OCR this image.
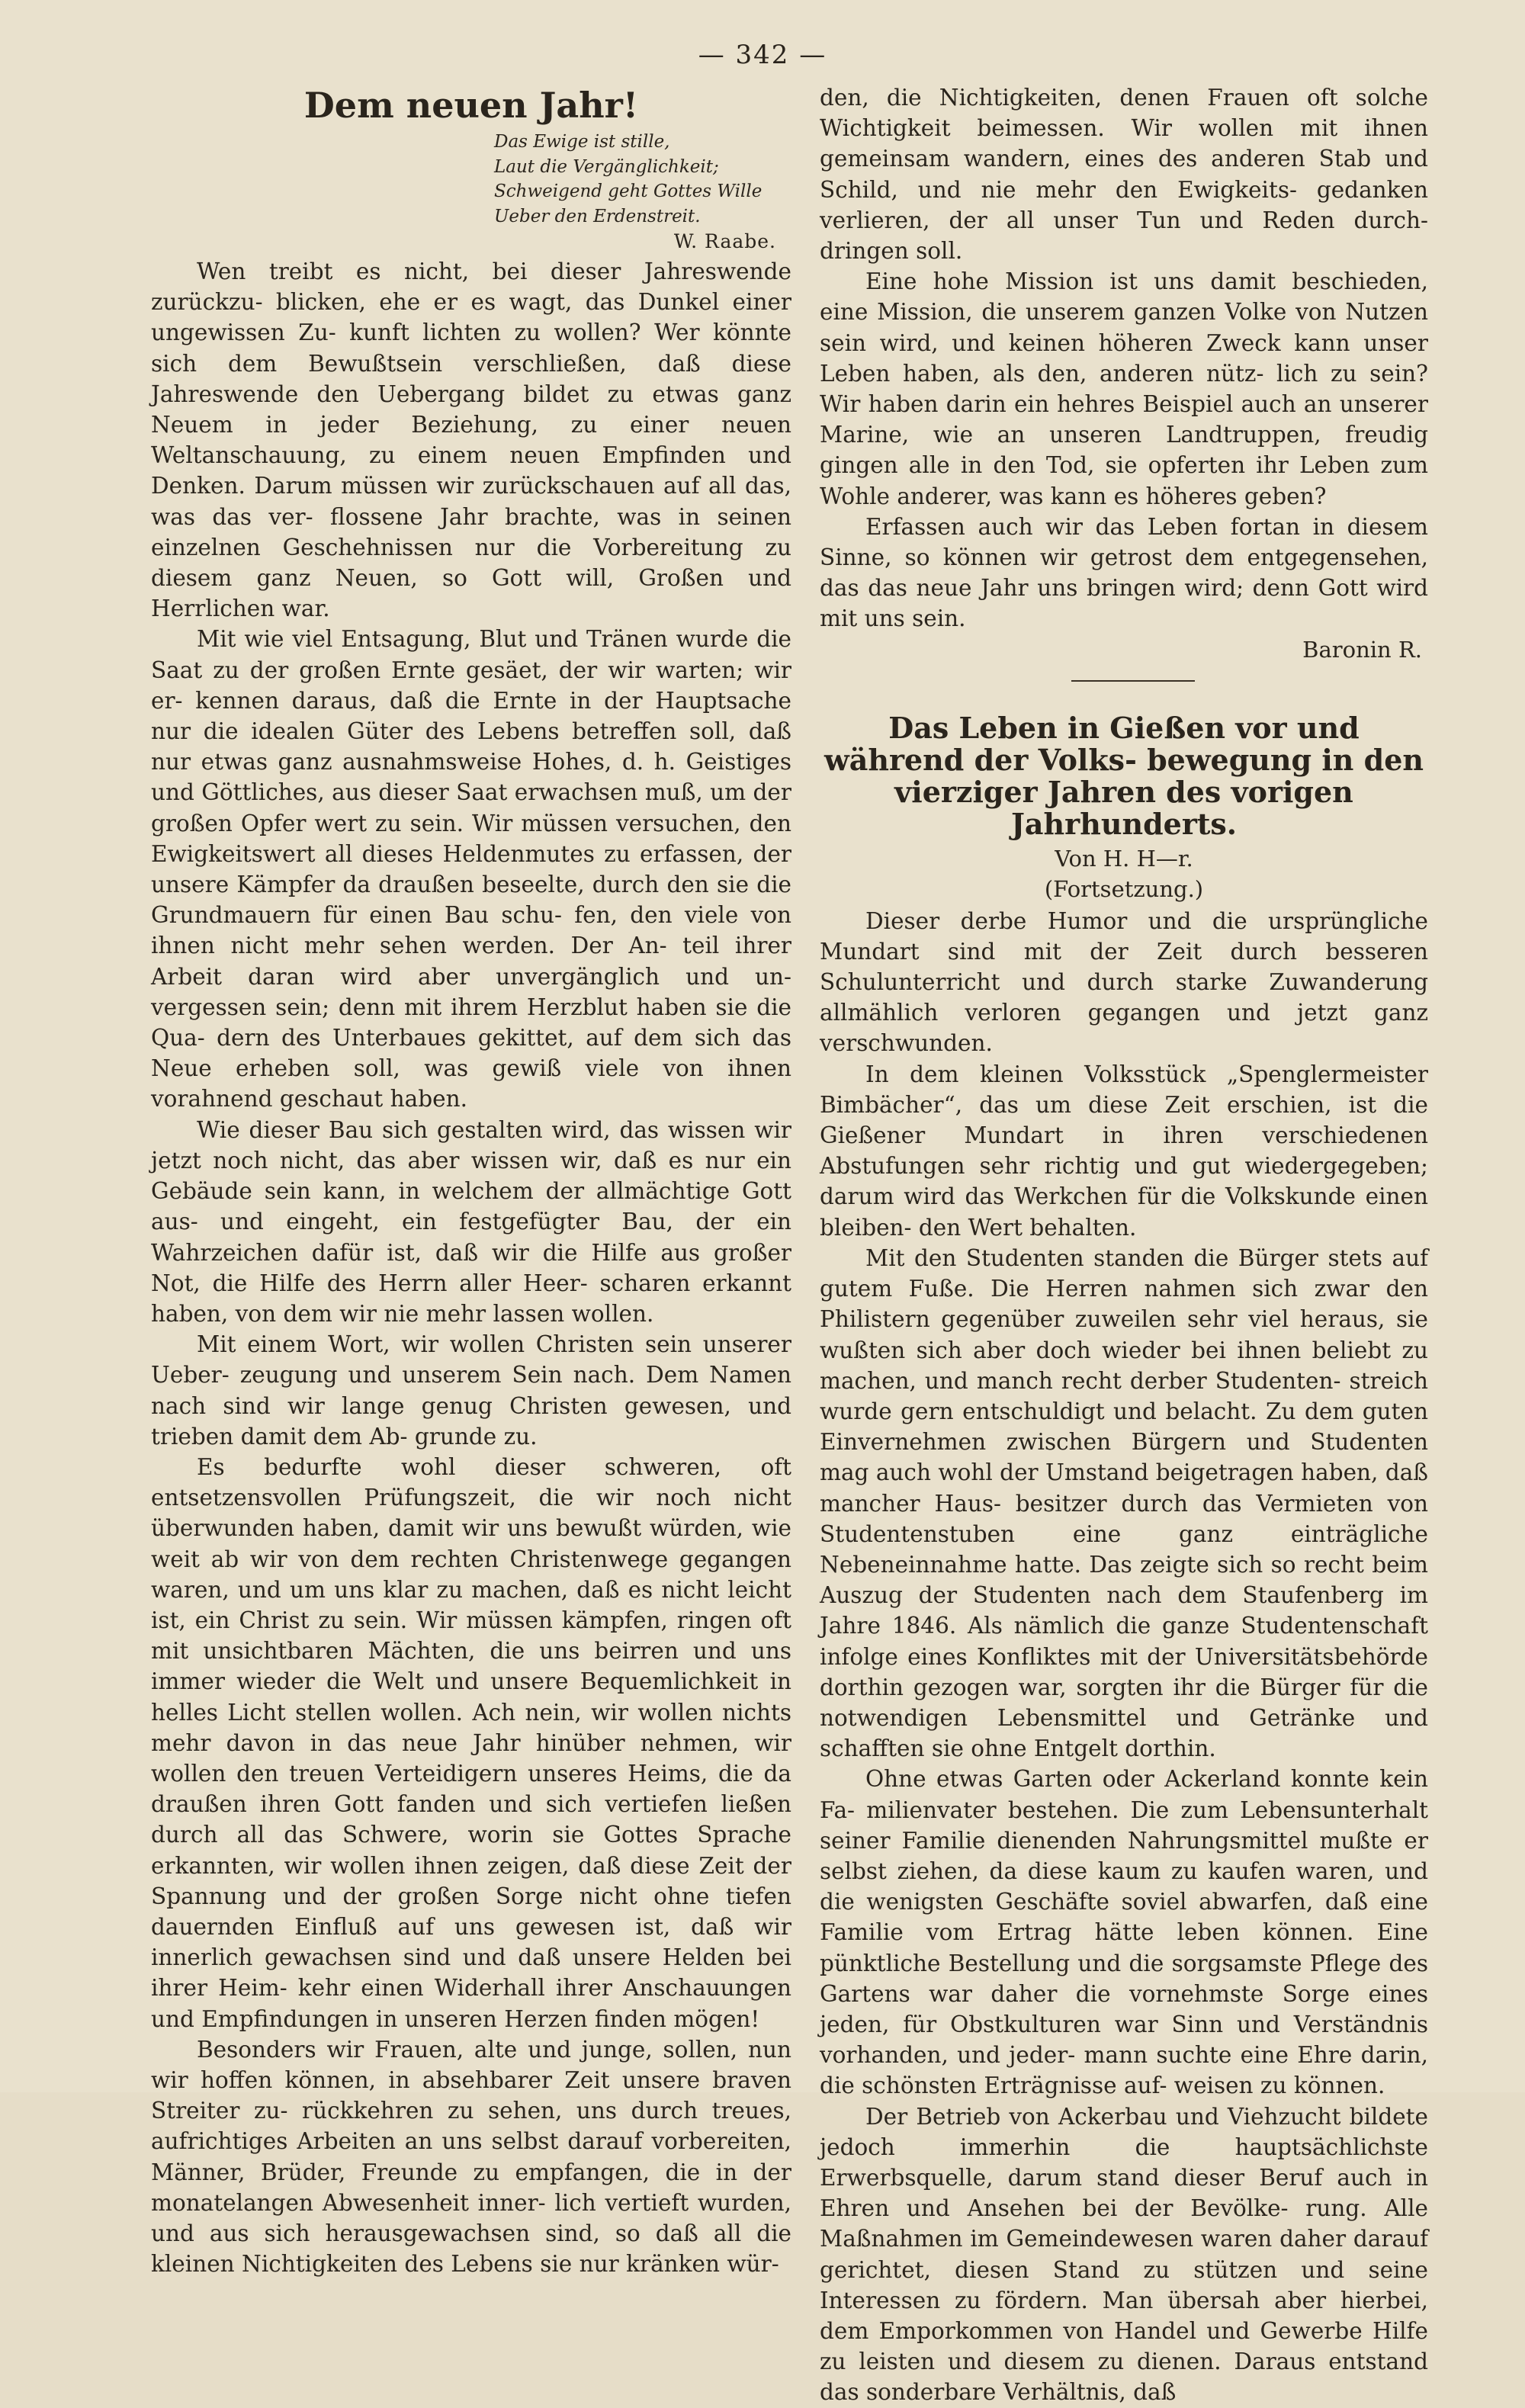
— 342 —
Dem neuen Jahr!
Das Ewige ist stille,
Laut die Vergänglichkeit;
Schweigend geht Gottes Wille
Ueber den Erdenstreit.
W. Raabe.

Wen treibt es nicht, bei dieser Jahreswende zurückzu- blicken, ehe er es wagt, das Dunkel einer ungewissen Zu- kunft lichten zu wollen? Wer könnte sich dem Bewußtsein verschließen, daß diese Jahreswende den Uebergang bildet zu etwas ganz Neuem in jeder Beziehung, zu einer neuen Weltanschauung, zu einem neuen Empfinden und Denken. Darum müssen wir zurückschauen auf all das, was das ver- flossene Jahr brachte, was in seinen einzelnen Geschehnissen nur die Vorbereitung zu diesem ganz Neuen, so Gott will, Großen und Herrlichen war.

Mit wie viel Entsagung, Blut und Tränen wurde die Saat zu der großen Ernte gesäet, der wir warten; wir er- kennen daraus, daß die Ernte in der Hauptsache nur die idealen Güter des Lebens betreffen soll, daß nur etwas ganz ausnahmsweise Hohes, d. h. Geistiges und Göttliches, aus dieser Saat erwachsen muß, um der großen Opfer wert zu sein. Wir müssen versuchen, den Ewigkeitswert all dieses Heldenmutes zu erfassen, der unsere Kämpfer da draußen beseelte, durch den sie die Grundmauern für einen Bau schu- fen, den viele von ihnen nicht mehr sehen werden. Der An- teil ihrer Arbeit daran wird aber unvergänglich und un- vergessen sein; denn mit ihrem Herzblut haben sie die Qua- dern des Unterbaues gekittet, auf dem sich das Neue erheben soll, was gewiß viele von ihnen vorahnend geschaut haben.

Wie dieser Bau sich gestalten wird, das wissen wir jetzt noch nicht, das aber wissen wir, daß es nur ein Gebäude sein kann, in welchem der allmächtige Gott aus- und eingeht, ein festgefügter Bau, der ein Wahrzeichen dafür ist, daß wir die Hilfe aus großer Not, die Hilfe des Herrn aller Heer- scharen erkannt haben, von dem wir nie mehr lassen wollen.

Mit einem Wort, wir wollen Christen sein unserer Ueber- zeugung und unserem Sein nach. Dem Namen nach sind wir lange genug Christen gewesen, und trieben damit dem Ab- grunde zu.

Es bedurfte wohl dieser schweren, oft entsetzensvollen Prüfungszeit, die wir noch nicht überwunden haben, damit wir uns bewußt würden, wie weit ab wir von dem rechten Christenwege gegangen waren, und um uns klar zu machen, daß es nicht leicht ist, ein Christ zu sein. Wir müssen kämpfen, ringen oft mit unsichtbaren Mächten, die uns beirren und uns immer wieder die Welt und unsere Bequemlichkeit in helles Licht stellen wollen. Ach nein, wir wollen nichts mehr davon in das neue Jahr hinüber nehmen, wir wollen den treuen Verteidigern unseres Heims, die da draußen ihren Gott fanden und sich vertiefen ließen durch all das Schwere, worin sie Gottes Sprache erkannten, wir wollen ihnen zeigen, daß diese Zeit der Spannung und der großen Sorge nicht ohne tiefen dauernden Einfluß auf uns gewesen ist, daß wir innerlich gewachsen sind und daß unsere Helden bei ihrer Heim- kehr einen Widerhall ihrer Anschauungen und Empfindungen in unseren Herzen finden mögen!

Besonders wir Frauen, alte und junge, sollen, nun wir hoffen können, in absehbarer Zeit unsere braven Streiter zu- rückkehren zu sehen, uns durch treues, aufrichtiges Arbeiten an uns selbst darauf vorbereiten, Männer, Brüder, Freunde zu empfangen, die in der monatelangen Abwesenheit inner- lich vertieft wurden, und aus sich herausgewachsen sind, so daß all die kleinen Nichtigkeiten des Lebens sie nur kränken wür-

den, die Nichtigkeiten, denen Frauen oft solche Wichtigkeit beimessen. Wir wollen mit ihnen gemeinsam wandern, eines des anderen Stab und Schild, und nie mehr den Ewigkeits- gedanken verlieren, der all unser Tun und Reden durch- dringen soll.

Eine hohe Mission ist uns damit beschieden, eine Mission, die unserem ganzen Volke von Nutzen sein wird, und keinen höheren Zweck kann unser Leben haben, als den, anderen nütz- lich zu sein? Wir haben darin ein hehres Beispiel auch an unserer Marine, wie an unseren Landtruppen, freudig gingen alle in den Tod, sie opferten ihr Leben zum Wohle anderer, was kann es höheres geben?

Erfassen auch wir das Leben fortan in diesem Sinne, so können wir getrost dem entgegensehen, das das neue Jahr uns bringen wird; denn Gott wird mit uns sein.

Baronin R.
Das Leben in Gießen vor und während der Volks- bewegung in den vierziger Jahren des vorigen Jahrhunderts.
Von H. H—r.
(Fortsetzung.)

Dieser derbe Humor und die ursprüngliche Mundart sind mit der Zeit durch besseren Schulunterricht und durch starke Zuwanderung allmählich verloren gegangen und jetzt ganz verschwunden.

In dem kleinen Volksstück „Spenglermeister Bimbächer“, das um diese Zeit erschien, ist die Gießener Mundart in ihren verschiedenen Abstufungen sehr richtig und gut wiedergegeben; darum wird das Werkchen für die Volkskunde einen bleiben- den Wert behalten.

Mit den Studenten standen die Bürger stets auf gutem Fuße. Die Herren nahmen sich zwar den Philistern gegenüber zuweilen sehr viel heraus, sie wußten sich aber doch wieder bei ihnen beliebt zu machen, und manch recht derber Studenten- streich wurde gern entschuldigt und belacht. Zu dem guten Einvernehmen zwischen Bürgern und Studenten mag auch wohl der Umstand beigetragen haben, daß mancher Haus- besitzer durch das Vermieten von Studentenstuben eine ganz einträgliche Nebeneinnahme hatte. Das zeigte sich so recht beim Auszug der Studenten nach dem Staufenberg im Jahre 1846. Als nämlich die ganze Studentenschaft infolge eines Konfliktes mit der Universitätsbehörde dorthin gezogen war, sorgten ihr die Bürger für die notwendigen Lebensmittel und Getränke und schafften sie ohne Entgelt dorthin.

Ohne etwas Garten oder Ackerland konnte kein Fa- milienvater bestehen. Die zum Lebensunterhalt seiner Familie dienenden Nahrungsmittel mußte er selbst ziehen, da diese kaum zu kaufen waren, und die wenigsten Geschäfte soviel abwarfen, daß eine Familie vom Ertrag hätte leben können. Eine pünktliche Bestellung und die sorgsamste Pflege des Gartens war daher die vornehmste Sorge eines jeden, für Obstkulturen war Sinn und Verständnis vorhanden, und jeder- mann suchte eine Ehre darin, die schönsten Erträgnisse auf- weisen zu können.

Der Betrieb von Ackerbau und Viehzucht bildete jedoch immerhin die hauptsächlichste Erwerbsquelle, darum stand dieser Beruf auch in Ehren und Ansehen bei der Bevölke- rung. Alle Maßnahmen im Gemeindewesen waren daher darauf gerichtet, diesen Stand zu stützen und seine Interessen zu fördern. Man übersah aber hierbei, dem Emporkommen von Handel und Gewerbe Hilfe zu leisten und diesem zu dienen. Daraus entstand das sonderbare Verhältnis, daß
